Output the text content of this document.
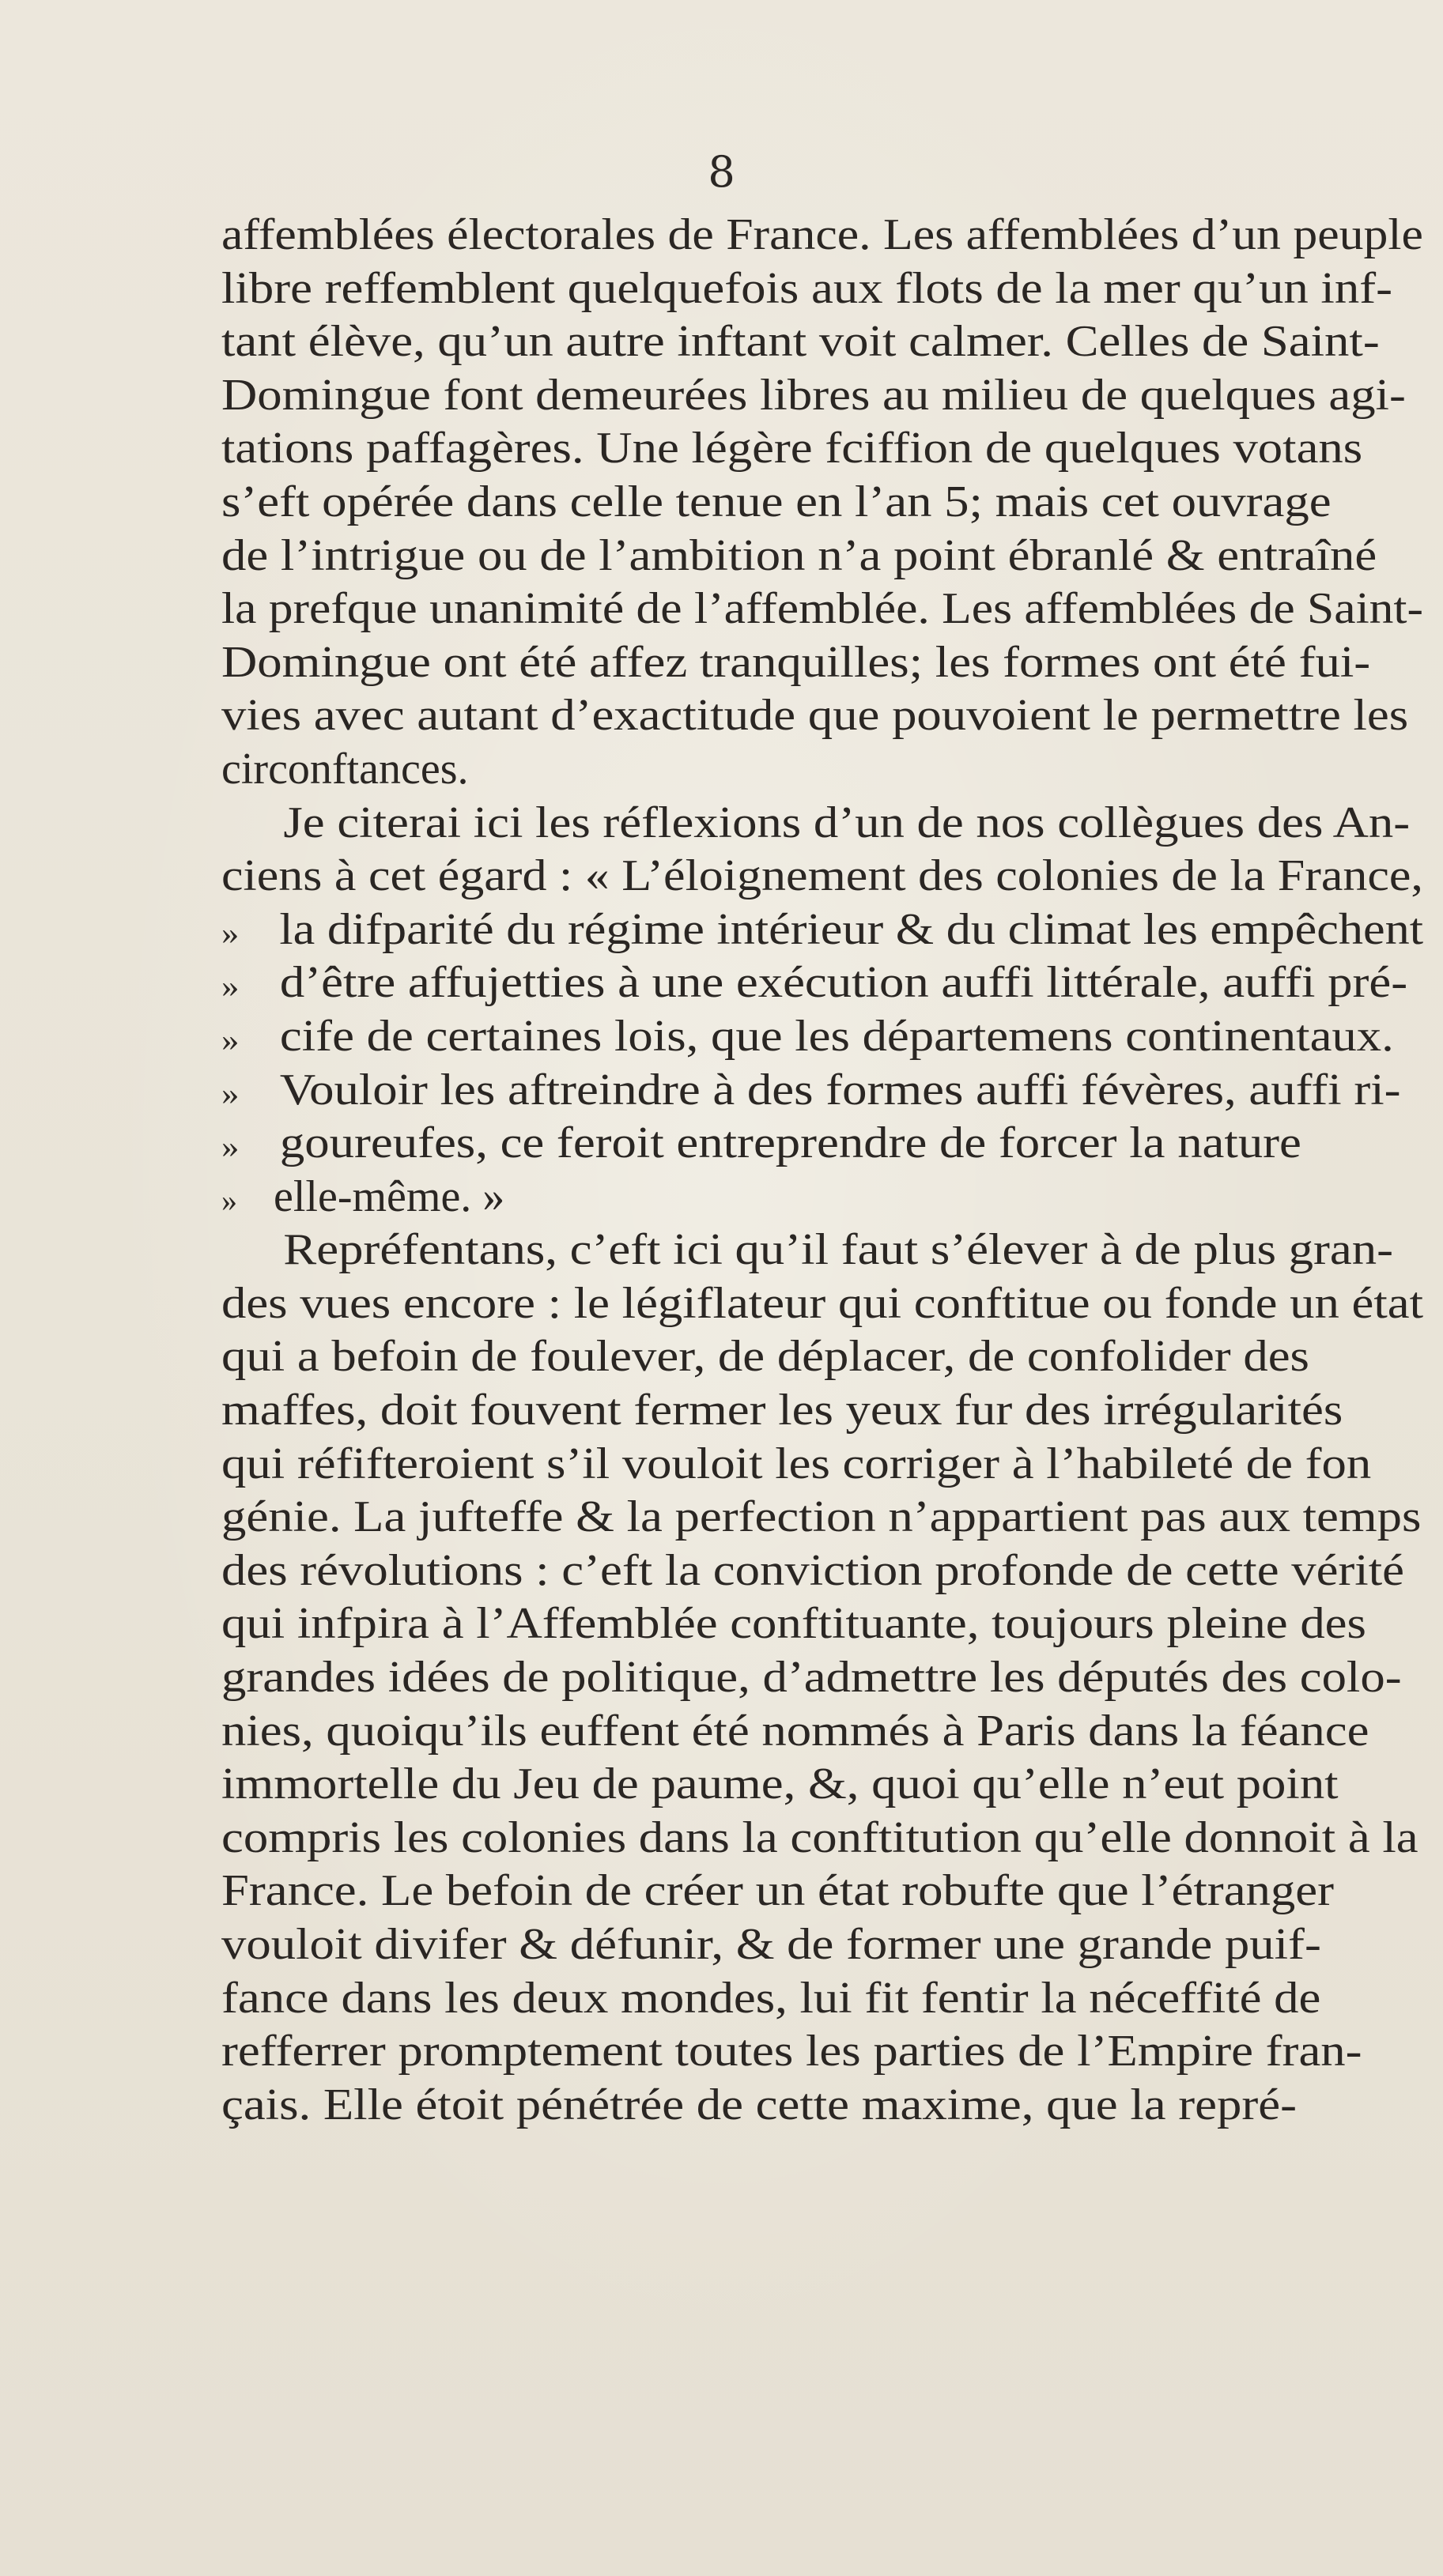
8
affemblées électorales de France. Les affemblées d’un peuple
libre reffemblent quelquefois aux flots de la mer qu’un inf-
tant élève, qu’un autre inftant voit calmer. Celles de Saint-
Domingue font demeurées libres au milieu de quelques agi-
tations paffagères. Une légère fciffion de quelques votans
s’eft opérée dans celle tenue en l’an 5; mais cet ouvrage
de l’intrigue ou de l’ambition n’a point ébranlé & entraîné
la prefque unanimité de l’affemblée. Les affemblées de Saint-
Domingue ont été affez tranquilles; les formes ont été fui-
vies avec autant d’exactitude que pouvoient le permettre les
circonftances.
Je citerai ici les réflexions d’un de nos collègues des An-
ciens à cet égard : « L’éloignement des colonies de la France,
» la difparité du régime intérieur & du climat les empêchent
» d’être affujetties à une exécution auffi littérale, auffi pré-
» cife de certaines lois, que les départemens continentaux.
» Vouloir les aftreindre à des formes auffi févères, auffi ri-
» goureufes, ce feroit entreprendre de forcer la nature
» elle-même. »
Repréfentans, c’eft ici qu’il faut s’élever à de plus gran-
des vues encore : le légiflateur qui conftitue ou fonde un état
qui a befoin de foulever, de déplacer, de confolider des
maffes, doit fouvent fermer les yeux fur des irrégularités
qui réfifteroient s’il vouloit les corriger à l’habileté de fon
génie. La jufteffe & la perfection n’appartient pas aux temps
des révolutions : c’eft la conviction profonde de cette vérité
qui infpira à l’Affemblée conftituante, toujours pleine des
grandes idées de politique, d’admettre les députés des colo-
nies, quoiqu’ils euffent été nommés à Paris dans la féance
immortelle du Jeu de paume, &, quoi qu’elle n’eut point
compris les colonies dans la conftitution qu’elle donnoit à la
France. Le befoin de créer un état robufte que l’étranger
vouloit divifer & défunir, & de former une grande puif-
fance dans les deux mondes, lui fit fentir la néceffité de
refferrer promptement toutes les parties de l’Empire fran-
çais. Elle étoit pénétrée de cette maxime, que la repré-
